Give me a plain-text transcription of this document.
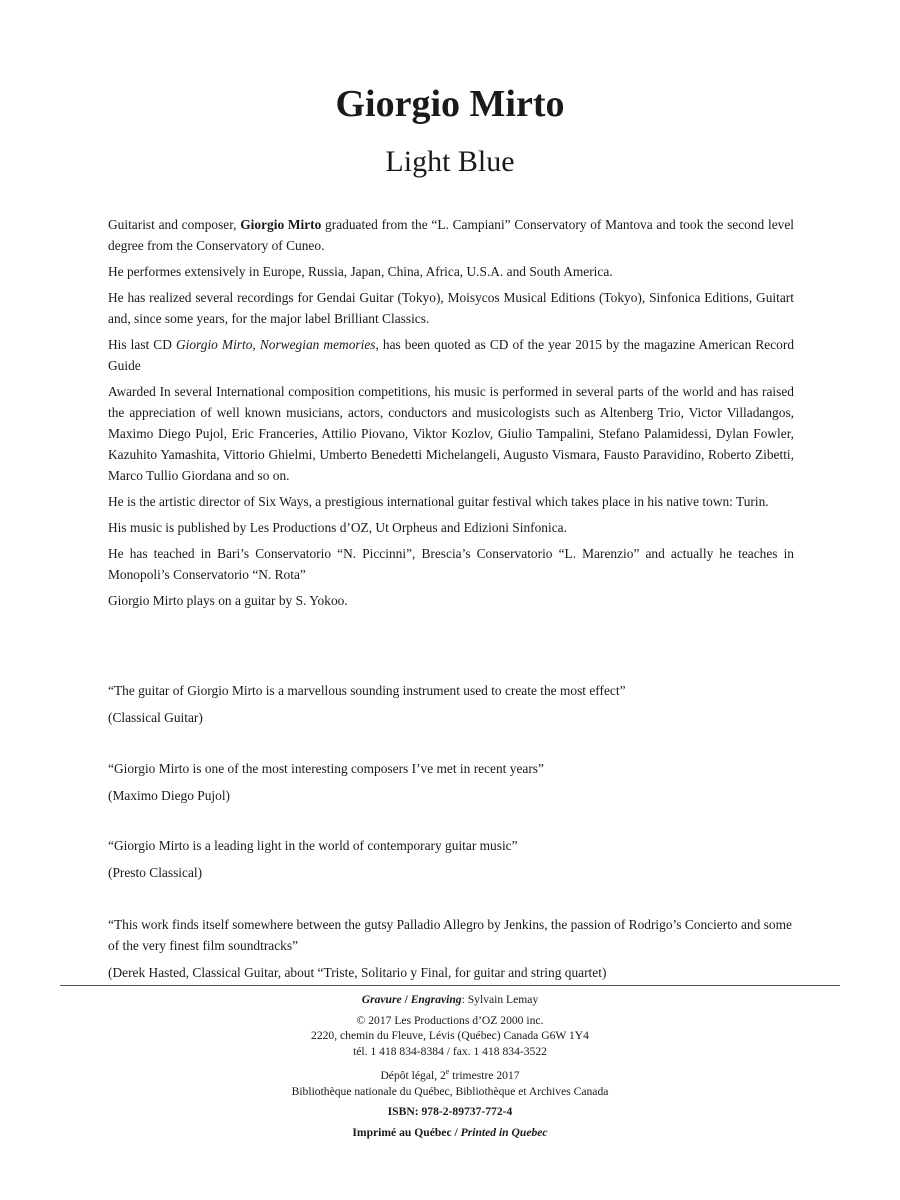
Giorgio Mirto
Light Blue

Guitarist and composer, Giorgio Mirto graduated from the “L. Campiani” Conservatory of Mantova and took the second level degree from the Conservatory of Cuneo.

He performes extensively in Europe, Russia, Japan, China, Africa, U.S.A. and South America.

He has realized several recordings for Gendai Guitar (Tokyo), Moisycos Musical Editions (Tokyo), Sinfonica Editions, Guitart and, since some years, for the major label Brilliant Classics.

His last CD Giorgio Mirto, Norwegian memories, has been quoted as CD of the year 2015 by the magazine American Record Guide

Awarded In several International composition competitions, his music is performed in several parts of the world and has raised the appreciation of well known musicians, actors, conductors and musicologists such as Altenberg Trio, Victor Villadangos, Maximo Diego Pujol, Eric Franceries, Attilio Piovano, Viktor Kozlov, Giulio Tampalini, Stefano Palamidessi, Dylan Fowler, Kazuhito Yamashita, Vittorio Ghielmi, Umberto Benedetti Michelangeli, Augusto Vismara, Fausto Paravidino, Roberto Zibetti, Marco Tullio Giordana and so on.

He is the artistic director of Six Ways, a prestigious international guitar festival which takes place in his native town: Turin.

His music is published by Les Productions d’OZ, Ut Orpheus and Edizioni Sinfonica.

He has teached in Bari’s Conservatorio “N. Piccinni”, Brescia’s Conservatorio “L. Marenzio” and actually he teaches in Monopoli’s Conservatorio “N. Rota”

Giorgio Mirto plays on a guitar by S. Yokoo.

“The guitar of Giorgio Mirto is a marvellous sounding instrument used to create the most effect”

(Classical Guitar)

“Giorgio Mirto is one of the most interesting composers I’ve met in recent years”

(Maximo Diego Pujol)

“Giorgio Mirto is a leading light in the world of contemporary guitar music”

(Presto Classical)

“This work finds itself somewhere between the gutsy Palladio Allegro by Jenkins, the passion of Rodrigo’s Concierto and some of the very finest film soundtracks”

(Derek Hasted, Classical Guitar, about “Triste, Solitario y Final, for guitar and string quartet)

Gravure / Engraving: Sylvain Lemay
© 2017 Les Productions d’OZ 2000 inc.
2220, chemin du Fleuve, Lévis (Québec) Canada G6W 1Y4
tél. 1 418 834-8384 / fax. 1 418 834-3522
Dépôt légal, 2e trimestre 2017
Bibliothèque nationale du Québec, Bibliothèque et Archives Canada
ISBN: 978-2-89737-772-4
Imprimé au Québec / Printed in Quebec
